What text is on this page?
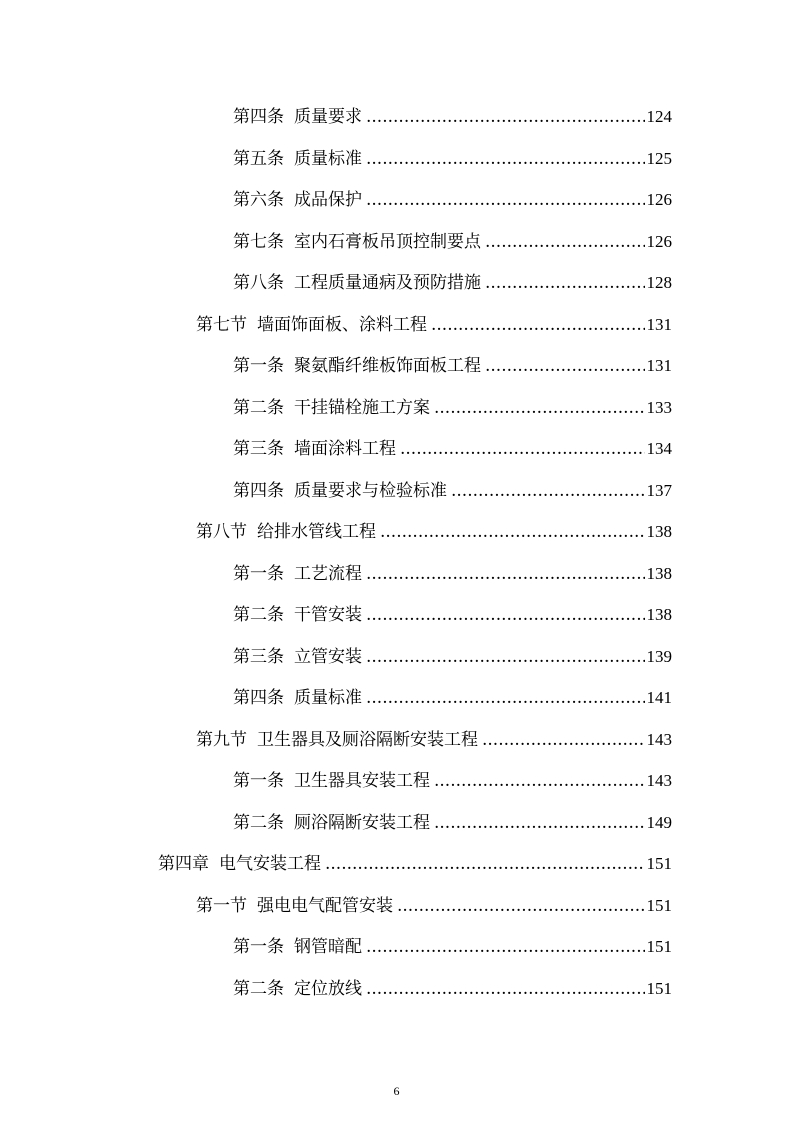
第四条 质量要求 .....	124
第五条 质量标准 .....	125
第六条 成品保护 .....	126
第七条 室内石膏板吊顶控制要点 .....	126
第八条 工程质量通病及预防措施 .....	128
第七节 墙面饰面板、涂料工程 .....	131
第一条 聚氨酯纤维板饰面板工程 .....	131
第二条 干挂锚栓施工方案 .....	133
第三条 墙面涂料工程 .....	134
第四条 质量要求与检验标准 .....	137
第八节 给排水管线工程 .....	138
第一条 工艺流程 .....	138
第二条 干管安装 .....	138
第三条 立管安装 .....	139
第四条 质量标准 .....	141
第九节 卫生器具及厕浴隔断安装工程 .....	143
第一条 卫生器具安装工程 .....	143
第二条 厕浴隔断安装工程 .....	149
第四章 电气安装工程 .....	151
第一节 强电电气配管安装 .....	151
第一条 钢管暗配 .....	151
第二条 定位放线 .....	151
6
